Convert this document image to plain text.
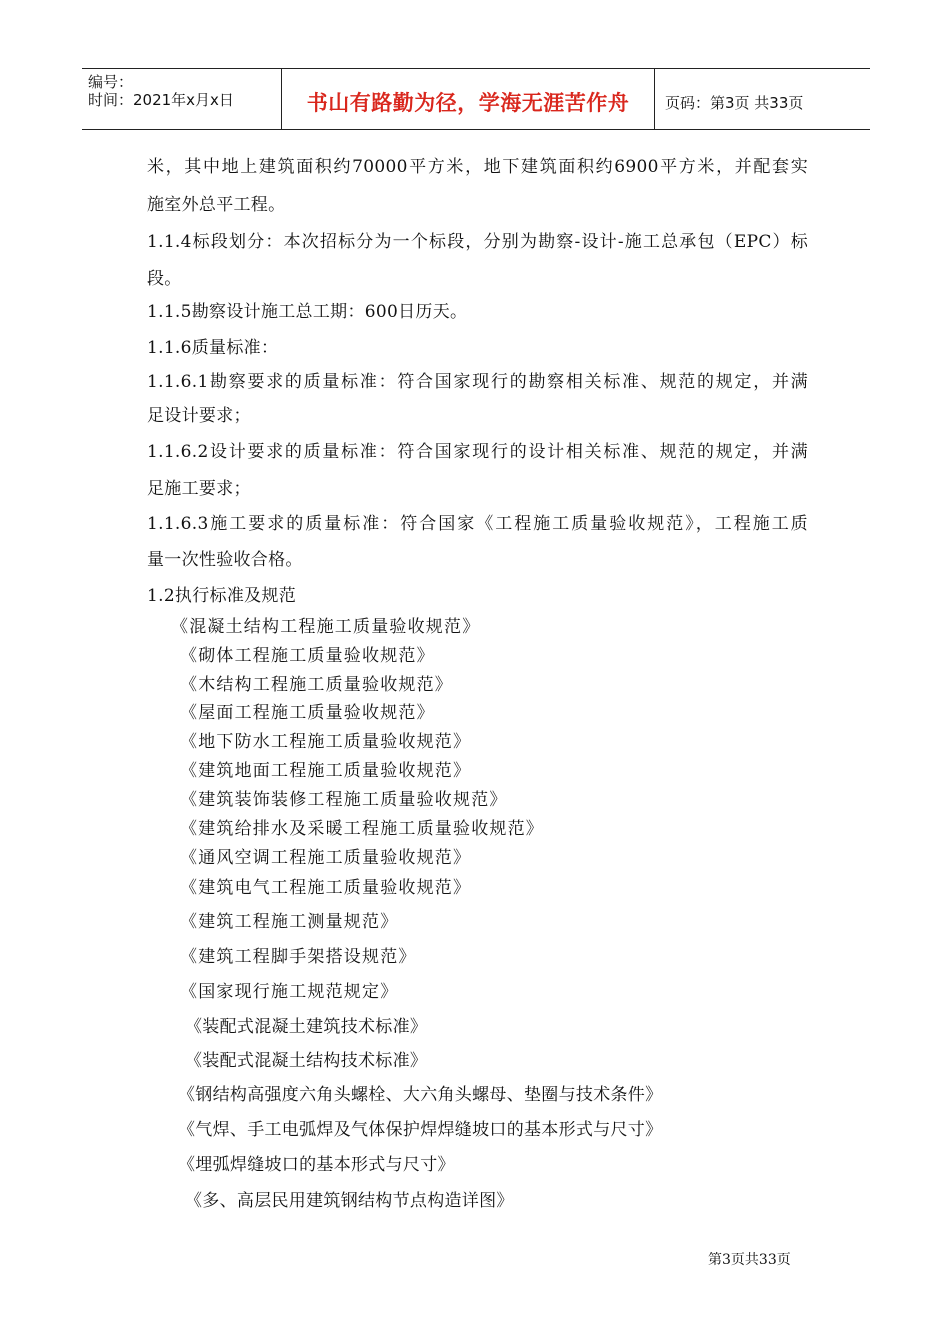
编号：
时间：2021年x月x日	书山有路勤为径，学海无涯苦作舟	页码：第3页 共33页
米，其中地上建筑面积约70000平方米，地下建筑面积约6900平方米，并配套实
施室外总平工程。
1.1.4标段划分：本次招标分为一个标段，分别为勘察-设计-施工总承包（EPC）标
段。
1.1.5勘察设计施工总工期：600日历天。
1.1.6质量标准：
1.1.6.1勘察要求的质量标准：符合国家现行的勘察相关标准、规范的规定，并满
足设计要求；
1.1.6.2设计要求的质量标准：符合国家现行的设计相关标准、规范的规定，并满
足施工要求；
1.1.6.3施工要求的质量标准：符合国家《工程施工质量验收规范》，工程施工质
量一次性验收合格。
1.2执行标准及规范
《混凝土结构工程施工质量验收规范》
《砌体工程施工质量验收规范》
《木结构工程施工质量验收规范》
《屋面工程施工质量验收规范》
《地下防水工程施工质量验收规范》
《建筑地面工程施工质量验收规范》
《建筑装饰装修工程施工质量验收规范》
《建筑给排水及采暖工程施工质量验收规范》
《通风空调工程施工质量验收规范》
《建筑电气工程施工质量验收规范》
《建筑工程施工测量规范》
《建筑工程脚手架搭设规范》
《国家现行施工规范规定》
《装配式混凝土建筑技术标准》
《装配式混凝土结构技术标准》
《钢结构高强度六角头螺栓、大六角头螺母、垫圈与技术条件》
《气焊、手工电弧焊及气体保护焊焊缝坡口的基本形式与尺寸》
《埋弧焊缝坡口的基本形式与尺寸》
《多、高层民用建筑钢结构节点构造详图》
第3页共33页
